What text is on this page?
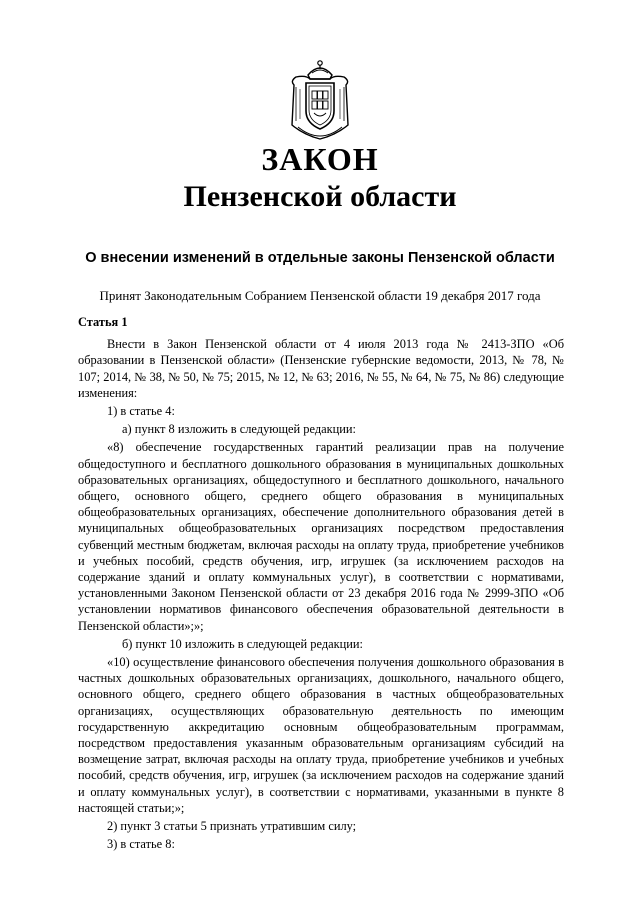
ЗАКОН
Пензенской области
О внесении изменений в отдельные законы Пензенской области
Принят Законодательным Собранием Пензенской области 19 декабря 2017 года

Статья 1

Внести в Закон Пензенской области от 4 июля 2013 года № 2413-ЗПО «Об образовании в Пензенской области» (Пензенские губернские ведомости, 2013, № 78, № 107; 2014, № 38, № 50, № 75; 2015, № 12, № 63; 2016, № 55, № 64, № 75, № 86) следующие изменения:

1) в статье 4:

а) пункт 8 изложить в следующей редакции:

«8) обеспечение государственных гарантий реализации прав на получение общедоступного и бесплатного дошкольного образования в муниципальных дошкольных образовательных организациях, общедоступного и бесплатного дошкольного, начального общего, основного общего, среднего общего образования в муниципальных общеобразовательных организациях, обеспечение дополнительного образования детей в муниципальных общеобразовательных организациях посредством предоставления субвенций местным бюджетам, включая расходы на оплату труда, приобретение учебников и учебных пособий, средств обучения, игр, игрушек (за исключением расходов на содержание зданий и оплату коммунальных услуг), в соответствии с нормативами, установленными Законом Пензенской области от 23 декабря 2016 года № 2999-ЗПО «Об установлении нормативов финансового обеспечения образовательной деятельности в Пензенской области»;»;

б) пункт 10 изложить в следующей редакции:

«10) осуществление финансового обеспечения получения дошкольного образования в частных дошкольных образовательных организациях, дошкольного, начального общего, основного общего, среднего общего образования в частных общеобразовательных организациях, осуществляющих образовательную деятельность по имеющим государственную аккредитацию основным общеобразовательным программам, посредством предоставления указанным образовательным организациям субсидий на возмещение затрат, включая расходы на оплату труда, приобретение учебников и учебных пособий, средств обучения, игр, игрушек (за исключением расходов на содержание зданий и оплату коммунальных услуг), в соответствии с нормативами, указанными в пункте 8 настоящей статьи;»;

2) пункт 3 статьи 5 признать утратившим силу;

3) в статье 8:
